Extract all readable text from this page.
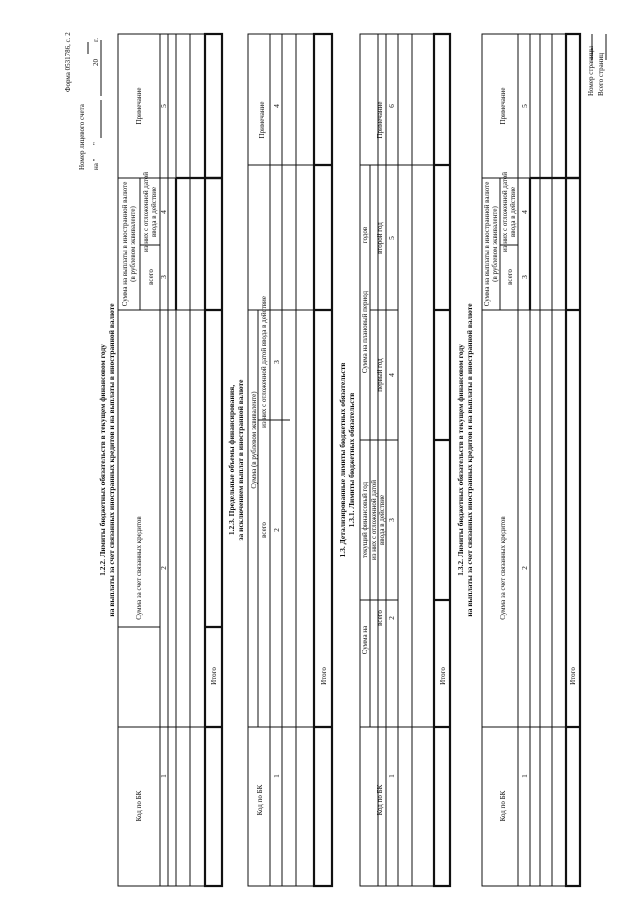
Форма 0531786, с. 2
Номер лицевого счета на "
"
20
г.
1.2.2. Лимиты бюджетных обязательств в текущем финансовом году на выплаты за счет связанных иностранных кредитов и на выплаты в иностранной валюте
Код по БК
Сумма за счет связанных кредитов
Сумма на выплаты в иностранной валюте (в рублевом эквиваленте) всего
из них с отложенной датой ввода в действие
Примечание
1
2
3
4
5
Итого
1.2.3. Предельные объемы финансирования, за исключением выплат в иностранной валюте
Код по БК
Сумма (в рублевом эквиваленте)
всего
из них с отложенной датой ввода в действие
Примечание
1
2
3
4
Итого
1.3. Детализированные лимиты бюджетных обязательств 1.3.1. Лимиты бюджетных обязательств
Код по БК
Сумма на
текущий финансовый год
всего
из них с отложенной датой ввода в действие
Сумма на плановый период
годов
первый год
второй год
Примечание
1
2
3
4
5
6
Итого
1.3.2. Лимиты бюджетных обязательств в текущем финансовом году на выплаты за счет связанных иностранных кредитов и на выплаты в иностранной валюте
Код по БК
Сумма за счет связанных кредитов
Сумма на выплаты в иностранной валюте (в рублевом эквиваленте) всего
из них с отложенной датой ввода в действие
Примечание
1
2
3
4
5
Итого
Номер страницы Всего страниц
